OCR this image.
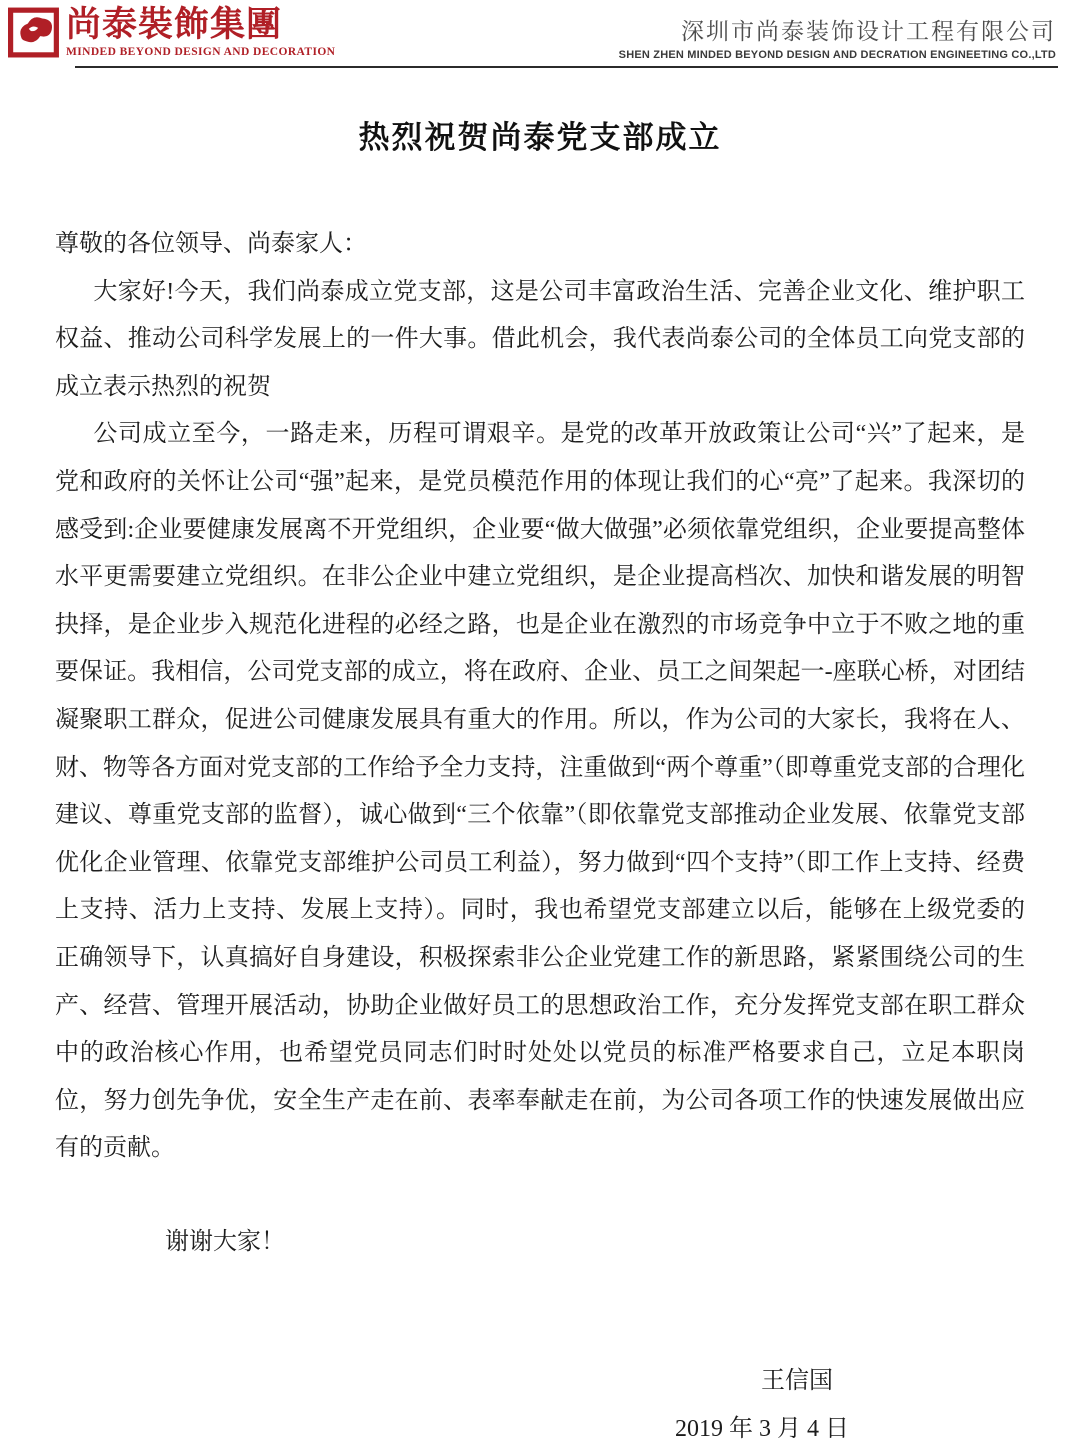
尚泰裝飾集團
MINDED BEYOND DESIGN AND DECORATION
深圳市尚泰装饰设计工程有限公司
SHEN ZHEN MINDED BEYOND DESIGN AND DECRATION ENGINEETING CO.,LTD
热烈祝贺尚泰党支部成立

尊敬的各位领导、尚泰家人：

大家好!今天，我们尚泰成立党支部，这是公司丰富政治生活、完善企业文化、维护职工权益、推动公司科学发展上的一件大事。借此机会，我代表尚泰公司的全体员工向党支部的成立表示热烈的祝贺

公司成立至今，一路走来，历程可谓艰辛。是党的改革开放政策让公司“兴”了起来，是党和政府的关怀让公司“强”起来，是党员模范作用的体现让我们的心“亮”了起来。我深切的感受到:企业要健康发展离不开党组织，企业要“做大做强”必须依靠党组织，企业要提高整体水平更需要建立党组织。在非公企业中建立党组织，是企业提高档次、加快和谐发展的明智抉择，是企业步入规范化进程的必经之路，也是企业在激烈的市场竞争中立于不败之地的重要保证。我相信，公司党支部的成立，将在政府、企业、员工之间架起一-座联心桥，对团结凝聚职工群众，促进公司健康发展具有重大的作用。所以，作为公司的大家长，我将在人、财、物等各方面对党支部的工作给予全力支持，注重做到“两个尊重”（即尊重党支部的合理化建议、尊重党支部的监督），诚心做到“三个依靠”（即依靠党支部推动企业发展、依靠党支部优化企业管理、依靠党支部维护公司员工利益），努力做到“四个支持”（即工作上支持、经费上支持、活力上支持、发展上支持）。同时，我也希望党支部建立以后，能够在上级党委的正确领导下，认真搞好自身建设，积极探索非公企业党建工作的新思路，紧紧围绕公司的生产、经营、管理开展活动，协助企业做好员工的思想政治工作，充分发挥党支部在职工群众中的政治核心作用，也希望党员同志们时时处处以党员的标准严格要求自己，立足本职岗位，努力创先争优，安全生产走在前、表率奉献走在前，为公司各项工作的快速发展做出应有的贡献。

谢谢大家！

王信国
2019 年 3 月 4 日
